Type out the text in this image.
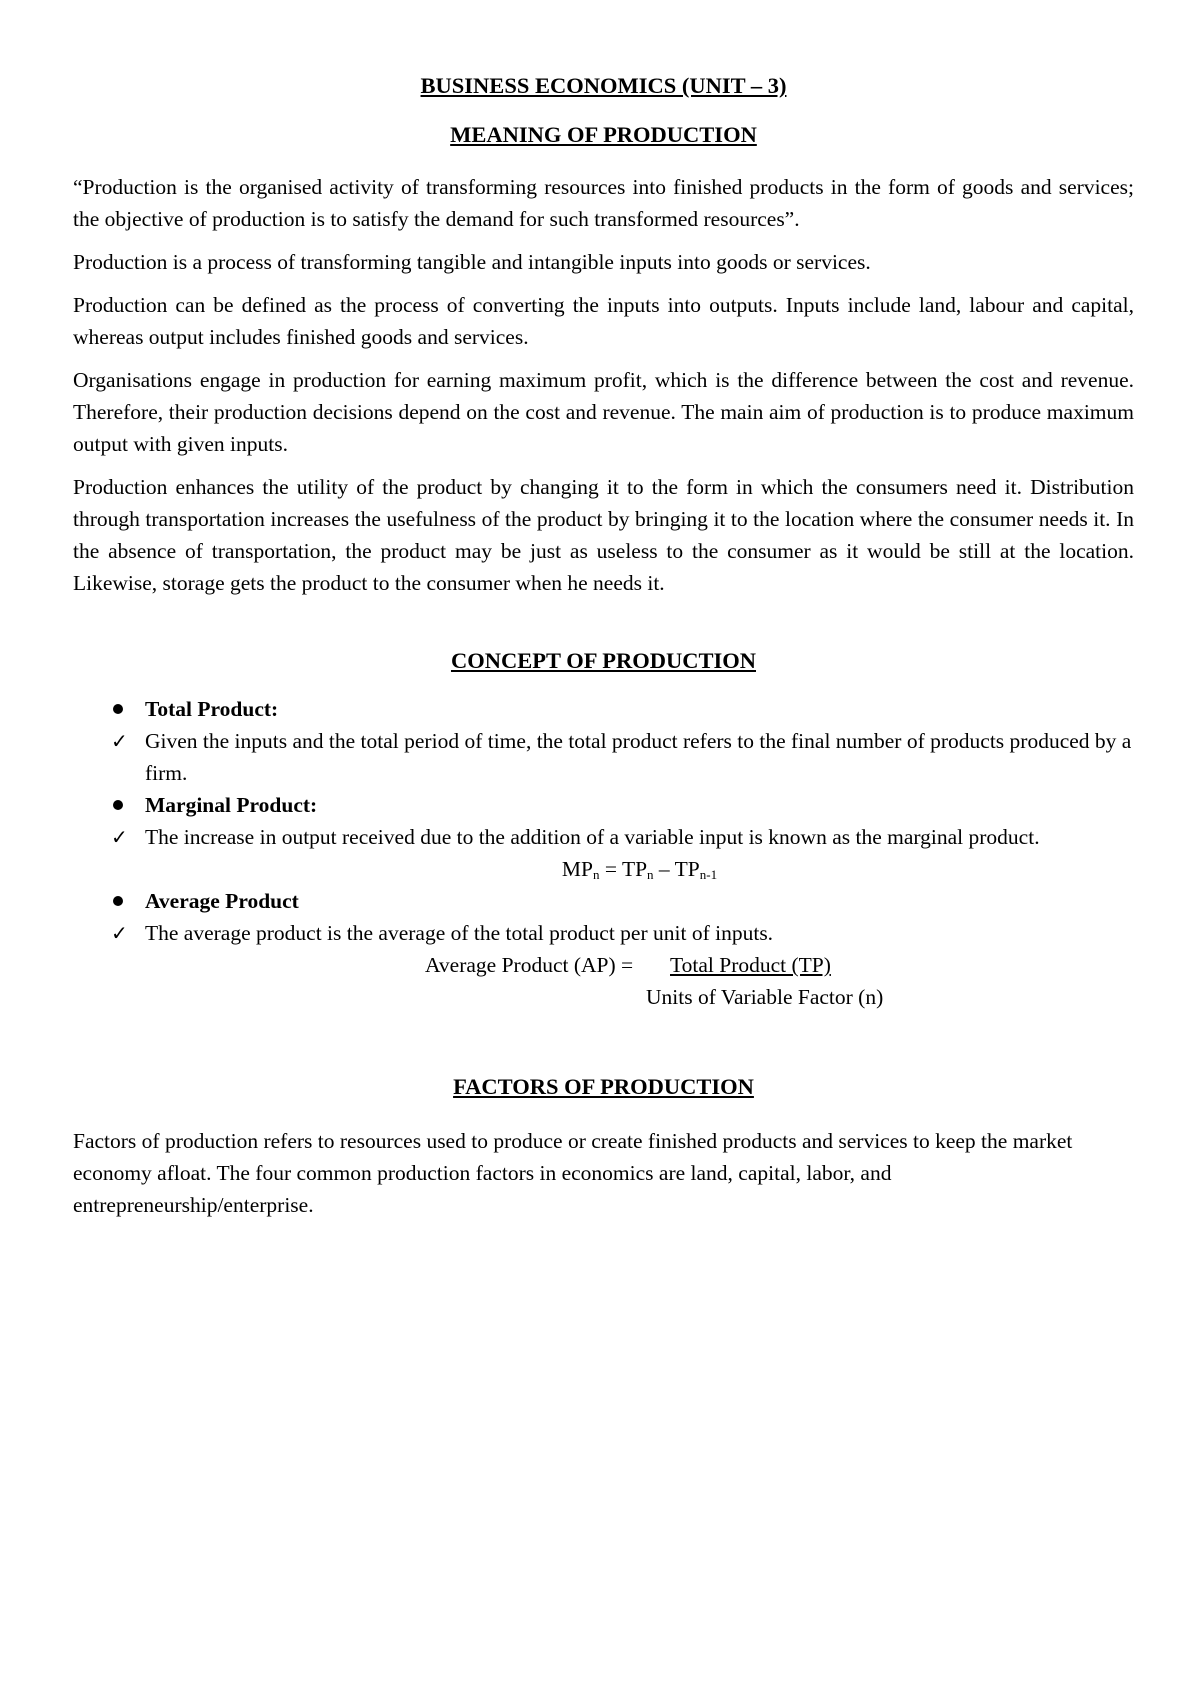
BUSINESS ECONOMICS (UNIT – 3)

MEANING OF PRODUCTION

“Production is the organised activity of transforming resources into finished products in the form of goods and services; the objective of production is to satisfy the demand for such transformed resources”.

Production is a process of transforming tangible and intangible inputs into goods or services.

Production can be defined as the process of converting the inputs into outputs. Inputs include land, labour and capital, whereas output includes finished goods and services.

Organisations engage in production for earning maximum profit, which is the difference between the cost and revenue. Therefore, their production decisions depend on the cost and revenue. The main aim of production is to produce maximum output with given inputs.

Production enhances the utility of the product by changing it to the form in which the consumers need it. Distribution through transportation increases the usefulness of the product by bringing it to the location where the consumer needs it. In the absence of transportation, the product may be just as useless to the consumer as it would be still at the location. Likewise, storage gets the product to the consumer when he needs it.

CONCEPT OF PRODUCTION

Total Product:
✓ Given the inputs and the total period of time, the total product refers to the final number of products produced by a firm.
Marginal Product:
✓ The increase in output received due to the addition of a variable input is known as the marginal product.

$MP_n = TP_n - TP_{n-1}$

Average Product
✓ The average product is the average of the total product per unit of inputs.
Average Product (AP) = Total Product (TP)
Units of Variable Factor (n)

FACTORS OF PRODUCTION

Factors of production refers to resources used to produce or create finished products and services to keep the market economy afloat. The four common production factors in economics are land, capital, labor, and entrepreneurship/enterprise.
